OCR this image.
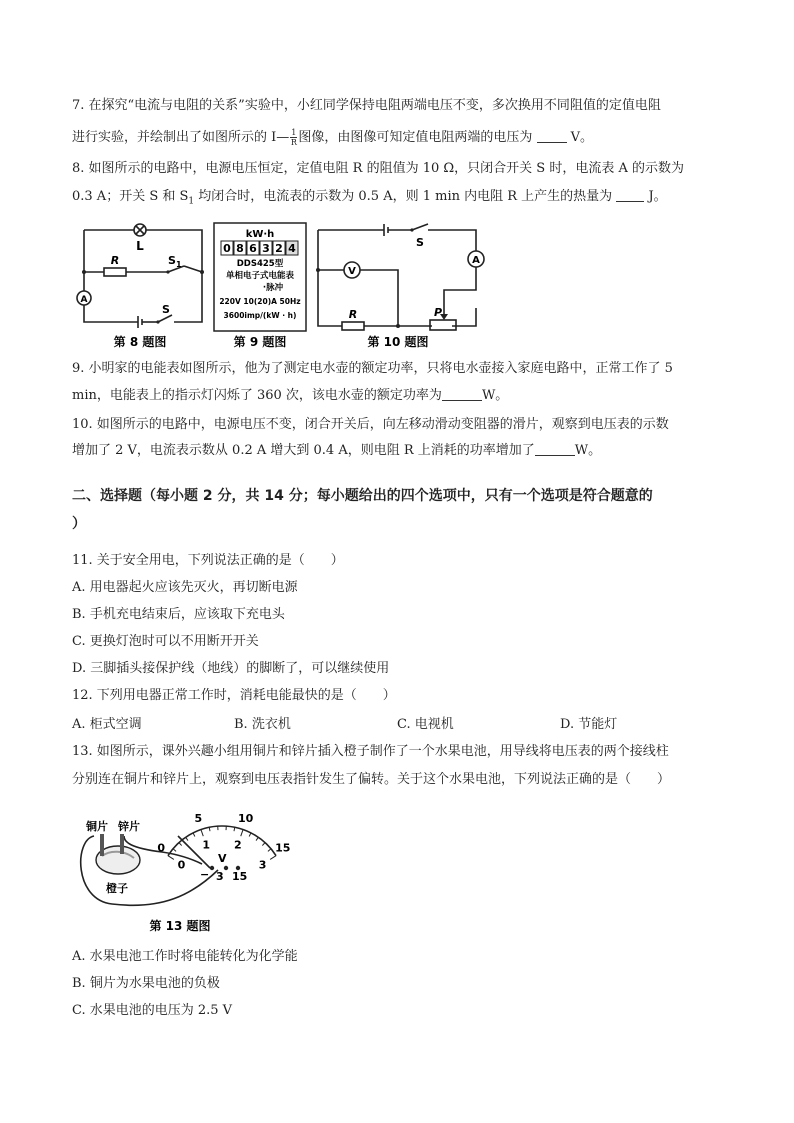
7. 在探究“电流与电阻的关系”实验中，小红同学保持电阻两端电压不变，多次换用不同阻值的定值电阻
进行实验，并绘制出了如图所示的 I— $\frac{1}{R}$ 图像，由图像可知定值电阻两端的电压为	V。
8. 如图所示的电路中，电源电压恒定，定值电阻 R 的阻值为 10 Ω，只闭合开关 S 时，电流表 A 的示数为
0.3 A；开关 S 和 $S_1$ 均闭合时，电流表的示数为 0.5 A，则 1 min 内电阻 R 上产生的热量为	J。
L
R	$S_1$
S
A
第 8 题图
kW·h
0 8 6 3 2 4
DDS425型
单相电子式电能表
·脉冲
220V 10(20)A 50Hz
3600imp/(kW · h)
第 9 题图
S
V
A
R	P
第 10 题图
9. 小明家的电能表如图所示，他为了测定电水壶的额定功率，只将电水壶接入家庭电路中，正常工作了 5
min，电能表上的指示灯闪烁了 360 次，该电水壶的额定功率为	W。
10. 如图所示的电路中，电源电压不变，闭合开关后，向左移动滑动变阻器的滑片，观察到电压表的示数
增加了 2 V，电流表示数从 0.2 A 增大到 0.4 A，则电阻 R 上消耗的功率增加了	W。
二、选择题（每小题 2 分，共 14 分；每小题给出的四个选项中，只有一个选项是符合题意的
）
11. 关于安全用电，下列说法正确的是（　　）
A. 用电器起火应该先灭火，再切断电源
B. 手机充电结束后，应该取下充电头
C. 更换灯泡时可以不用断开开关
D. 三脚插头接保护线（地线）的脚断了，可以继续使用
12. 下列用电器正常工作时，消耗电能最快的是（　　）
A. 柜式空调	B. 洗衣机	C. 电视机	D. 节能灯
13. 如图所示，课外兴趣小组用铜片和锌片插入橙子制作了一个水果电池，用导线将电压表的两个接线柱
分别连在铜片和锌片上，观察到电压表指针发生了偏转。关于这个水果电池，下列说法正确的是（　　）
铜片 锌片
橙子
0
5	10
15
0
1 2
3
V
− 3 15
第 13 题图
A. 水果电池工作时将电能转化为化学能
B. 铜片为水果电池的负极
C. 水果电池的电压为 2.5 V
